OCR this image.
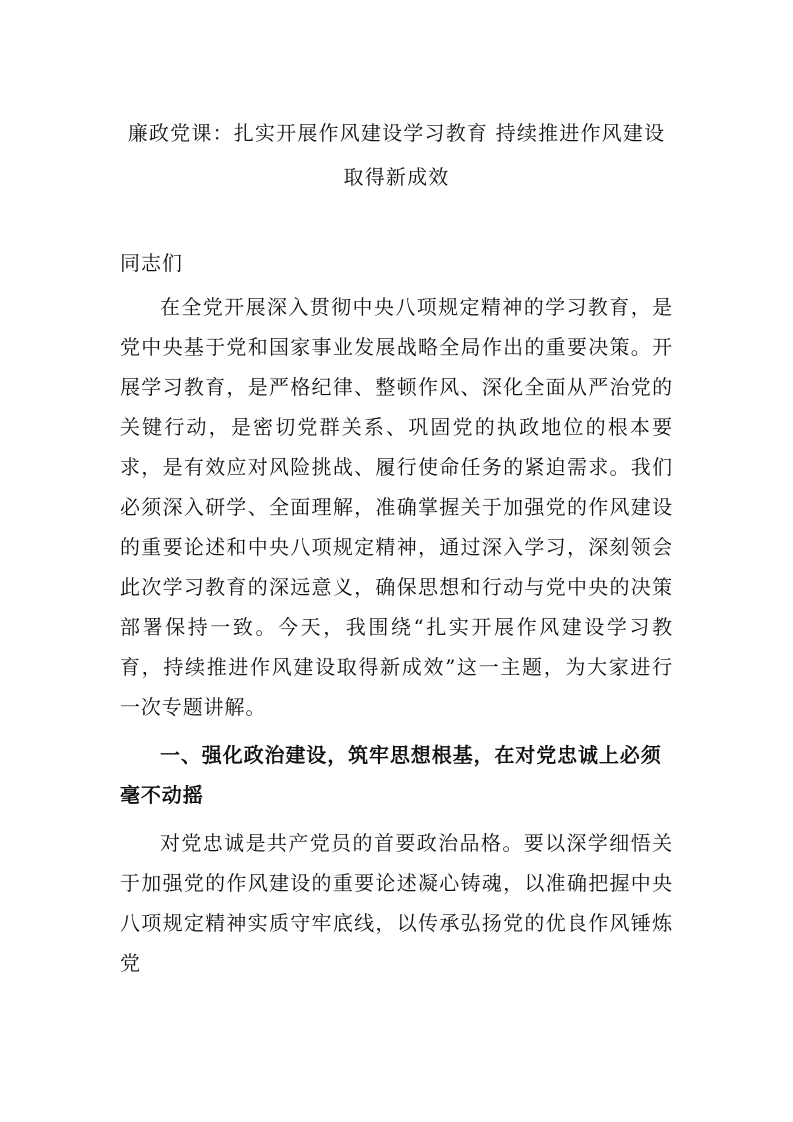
廉政党课：扎实开展作风建设学习教育 持续推进作风建设取得新成效

同志们

在全党开展深入贯彻中央八项规定精神的学习教育，是党中央基于党和国家事业发展战略全局作出的重要决策。开展学习教育，是严格纪律、整顿作风、深化全面从严治党的关键行动，是密切党群关系、巩固党的执政地位的根本要求，是有效应对风险挑战、履行使命任务的紧迫需求。我们必须深入研学、全面理解，准确掌握关于加强党的作风建设的重要论述和中央八项规定精神，通过深入学习，深刻领会此次学习教育的深远意义，确保思想和行动与党中央的决策部署保持一致。今天，我围绕“扎实开展作风建设学习教育，持续推进作风建设取得新成效”这一主题，为大家进行一次专题讲解。

一、强化政治建设，筑牢思想根基，在对党忠诚上必须毫不动摇

对党忠诚是共产党员的首要政治品格。要以深学细悟关于加强党的作风建设的重要论述凝心铸魂，以准确把握中央八项规定精神实质守牢底线，以传承弘扬党的优良作风锤炼党
